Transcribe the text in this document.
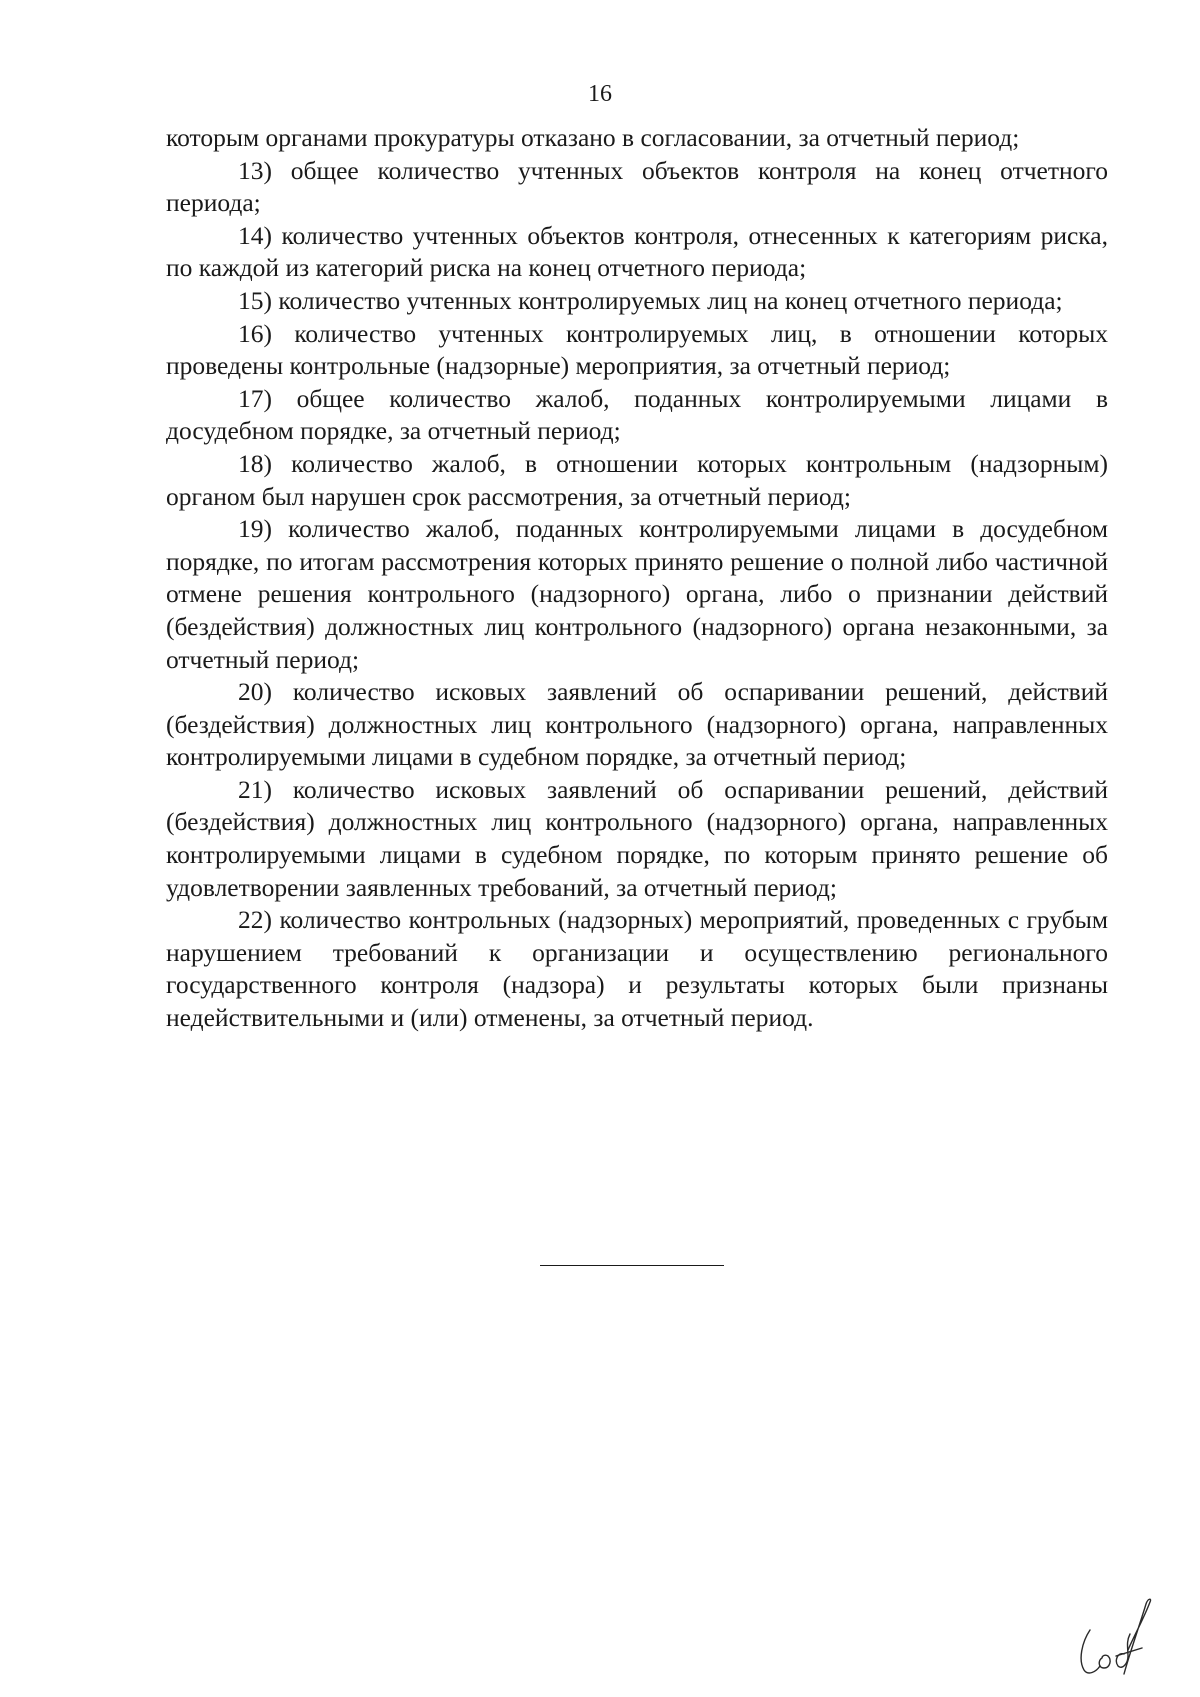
16

которым органами прокуратуры отказано в согласовании, за отчетный период;

13) общее количество учтенных объектов контроля на конец отчетного периода;

14) количество учтенных объектов контроля, отнесенных к категориям риска, по каждой из категорий риска на конец отчетного периода;

15) количество учтенных контролируемых лиц на конец отчетного периода;

16) количество учтенных контролируемых лиц, в отношении которых проведены контрольные (надзорные) мероприятия, за отчетный период;

17) общее количество жалоб, поданных контролируемыми лицами в досудебном порядке, за отчетный период;

18) количество жалоб, в отношении которых контрольным (надзорным) органом был нарушен срок рассмотрения, за отчетный период;

19) количество жалоб, поданных контролируемыми лицами в досудебном порядке, по итогам рассмотрения которых принято решение о полной либо частичной отмене решения контрольного (надзорного) органа, либо о признании действий (бездействия) должностных лиц контрольного (надзорного) органа незаконными, за отчетный период;

20) количество исковых заявлений об оспаривании решений, действий (бездействия) должностных лиц контрольного (надзорного) органа, направленных контролируемыми лицами в судебном порядке, за отчетный период;

21) количество исковых заявлений об оспаривании решений, действий (бездействия) должностных лиц контрольного (надзорного) органа, направленных контролируемыми лицами в судебном порядке, по которым принято решение об удовлетворении заявленных требований, за отчетный период;

22) количество контрольных (надзорных) мероприятий, проведенных с грубым нарушением требований к организации и осуществлению регионального государственного контроля (надзора) и результаты которых были признаны недействительными и (или) отменены, за отчетный период.
